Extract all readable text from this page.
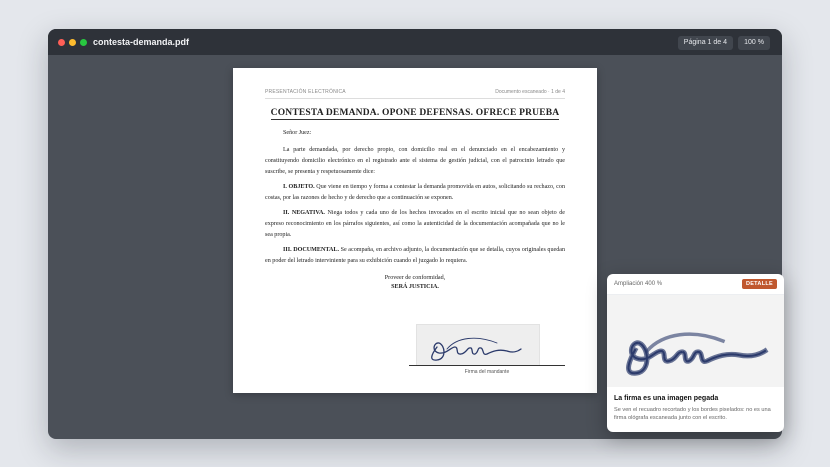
contesta-demanda.pdf	Página 1 de 4	100 %
PRESENTACIÓN ELECTRÓNICA	Documento escaneado · 1 de 4
CONTESTA DEMANDA. OPONE DEFENSAS. OFRECE PRUEBA

Señor Juez:

La parte demandada, por derecho propio, con domicilio real en el denunciado en el encabezamiento y constituyendo domicilio electrónico en el registrado ante el sistema de gestión judicial, con el patrocinio letrado que suscribe, se presenta y respetuosamente dice:

I. OBJETO. Que viene en tiempo y forma a contestar la demanda promovida en autos, solicitando su rechazo, con costas, por las razones de hecho y de derecho que a continuación se exponen.

II. NEGATIVA. Niega todos y cada uno de los hechos invocados en el escrito inicial que no sean objeto de expreso reconocimiento en los párrafos siguientes, así como la autenticidad de la documentación acompañada que no le sea propia.

III. DOCUMENTAL. Se acompaña, en archivo adjunto, la documentación que se detalla, cuyos originales quedan en poder del letrado interviniente para su exhibición cuando el juzgado lo requiera.

Proveer de conformidad,
SERÁ JUSTICIA.
Firma del mandante
Ampliación 400 %	DETALLE
La firma es una imagen pegada
Se ven el recuadro recortado y los bordes pixelados: no es una firma ológrafa escaneada junto con el escrito.
